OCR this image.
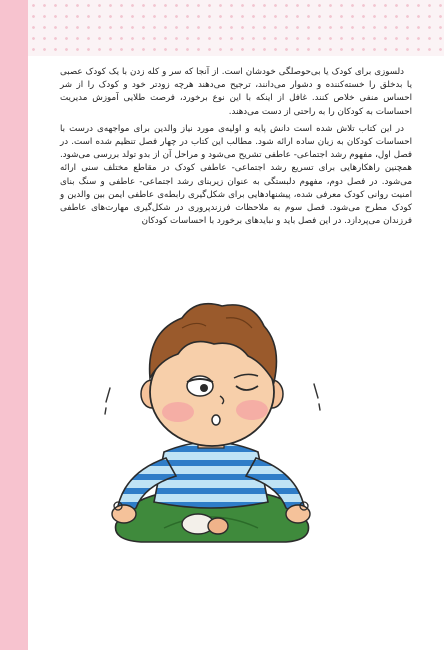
دلسوزی برای کودک یا بی‌حوصلگی خودشان است. از آنجا که سر و کله زدن با یک کودک عصبی یا بدخلق را خسته‌کننده و دشوار می‌دانند، ترجیح می‌دهند هرچه زودتر خود و کودک را از شر احساس منفی خلاص کنند. غافل از اینکه با این نوع برخورد، فرصت طلایی آموزش مدیریت احساسات به کودکان را به راحتی از دست می‌دهند.

در این کتاب تلاش شده است دانش پایه و اولیه‌ی مورد نیاز والدین برای مواجهه‌ی درست با احساسات کودکان به زبان ساده ارائه شود. مطالب این کتاب در چهار فصل تنظیم شده است. در فصل اول، مفهوم رشد اجتماعی- عاطفی تشریح می‌شود و مراحل آن از بدو تولد بررسی می‌شود. همچنین راهکارهایی برای تسریع رشد اجتماعی- عاطفی کودک در مقاطع مختلف سنی ارائه می‌شود. در فصل دوم، مفهوم دلبستگی به عنوان زیربنای رشد اجتماعی- عاطفی و سنگ بنای امنیت روانی کودک معرفی شده، پیشنهادهایی برای شکل‌گیری رابطه‌ی عاطفی ایمن بین والدین و کودک مطرح می‌شود. فصل سوم به ملاحظات فرزندپروری در شکل‌گیری مهارت‌های عاطفی فرزندان می‌پردازد. در این فصل باید و نبایدهای برخورد با احساسات کودکان
